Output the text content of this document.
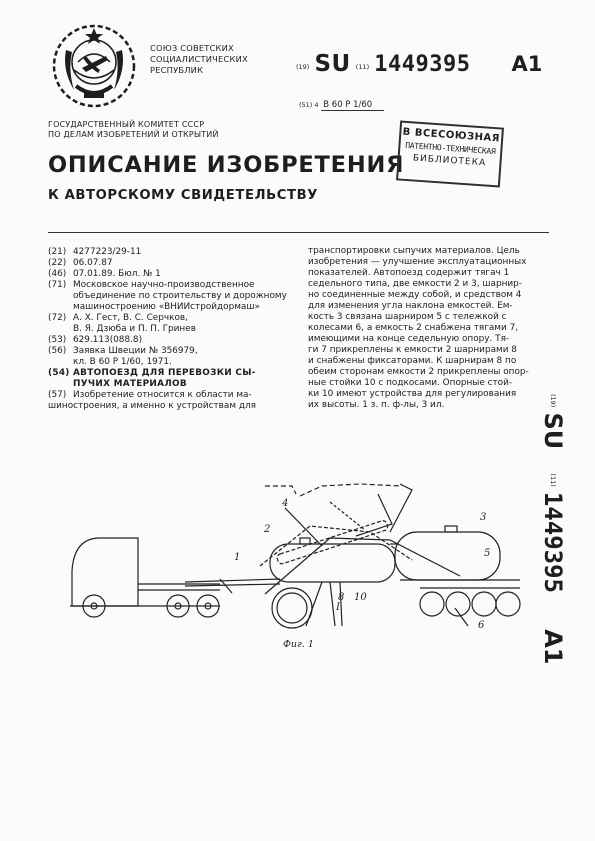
СОЮЗ СОВЕТСКИХ
СОЦИАЛИСТИЧЕСКИХ
РЕСПУБЛИК	(19) SU (11) 1449395 A1
(51) 4 В 60 Р 1/60
ГОСУДАРСТВЕННЫЙ КОМИТЕТ СССР
ПО ДЕЛАМ ИЗОБРЕТЕНИЙ И ОТКРЫТИЙ
ОПИСАНИЕ ИЗОБРЕТЕНИЯ
К АВТОРСКОМУ СВИДЕТЕЛЬСТВУ
В ВСЕСОЮЗНАЯ
ПАТЕНТНО-ТЕХНИЧЕСКАЯ
БИБЛИОТЕКА
(21) 4277223/29-11
(22) 06.07.87
(46) 07.01.89. Бюл. № 1
(71) Московское научно-производственное
объединение по строительству и дорожному
машиностроению «ВНИИстройдормаш»
(72) А. Х. Гест, В. С. Серчков,
В. Я. Дзюба и П. П. Гринев
(53) 629.113(088.8)
(56) Заявка Швеции № 356979,
кл. В 60 Р 1/60, 1971.
(54) АВТОПОЕЗД ДЛЯ ПЕРЕВОЗКИ СЫ-
ПУЧИХ МАТЕРИАЛОВ
(57) Изобретение относится к области ма-
шиностроения, а именно к устройствам для
транспортировки сыпучих материалов. Цель
изобретения — улучшение эксплуатационных
показателей. Автопоезд содержит тягач 1
седельного типа, две емкости 2 и 3, шарнир-
но соединенные между собой, и средством 4
для изменения угла наклона емкостей. Ем-
кость 3 связана шарниром 5 с тележкой с
колесами 6, а емкость 2 снабжена тягами 7,
имеющими на конце седельную опору. Тя-
ги 7 прикреплены к емкости 2 шарнирами 8
и снабжены фиксаторами. К шарнирам 8 по
обеим сторонам емкости 2 прикреплены опор-
ные стойки 10 с подкосами. Опорные стой-
ки 10 имеют устройства для регулирования
их высоты. 1 з. п. ф-лы, 3 ил.	$^{(19)}$ SU  $^{(11)}$ 1449395  A1
1
2
3
4
5
6
8 10
I
Фиг. 1
